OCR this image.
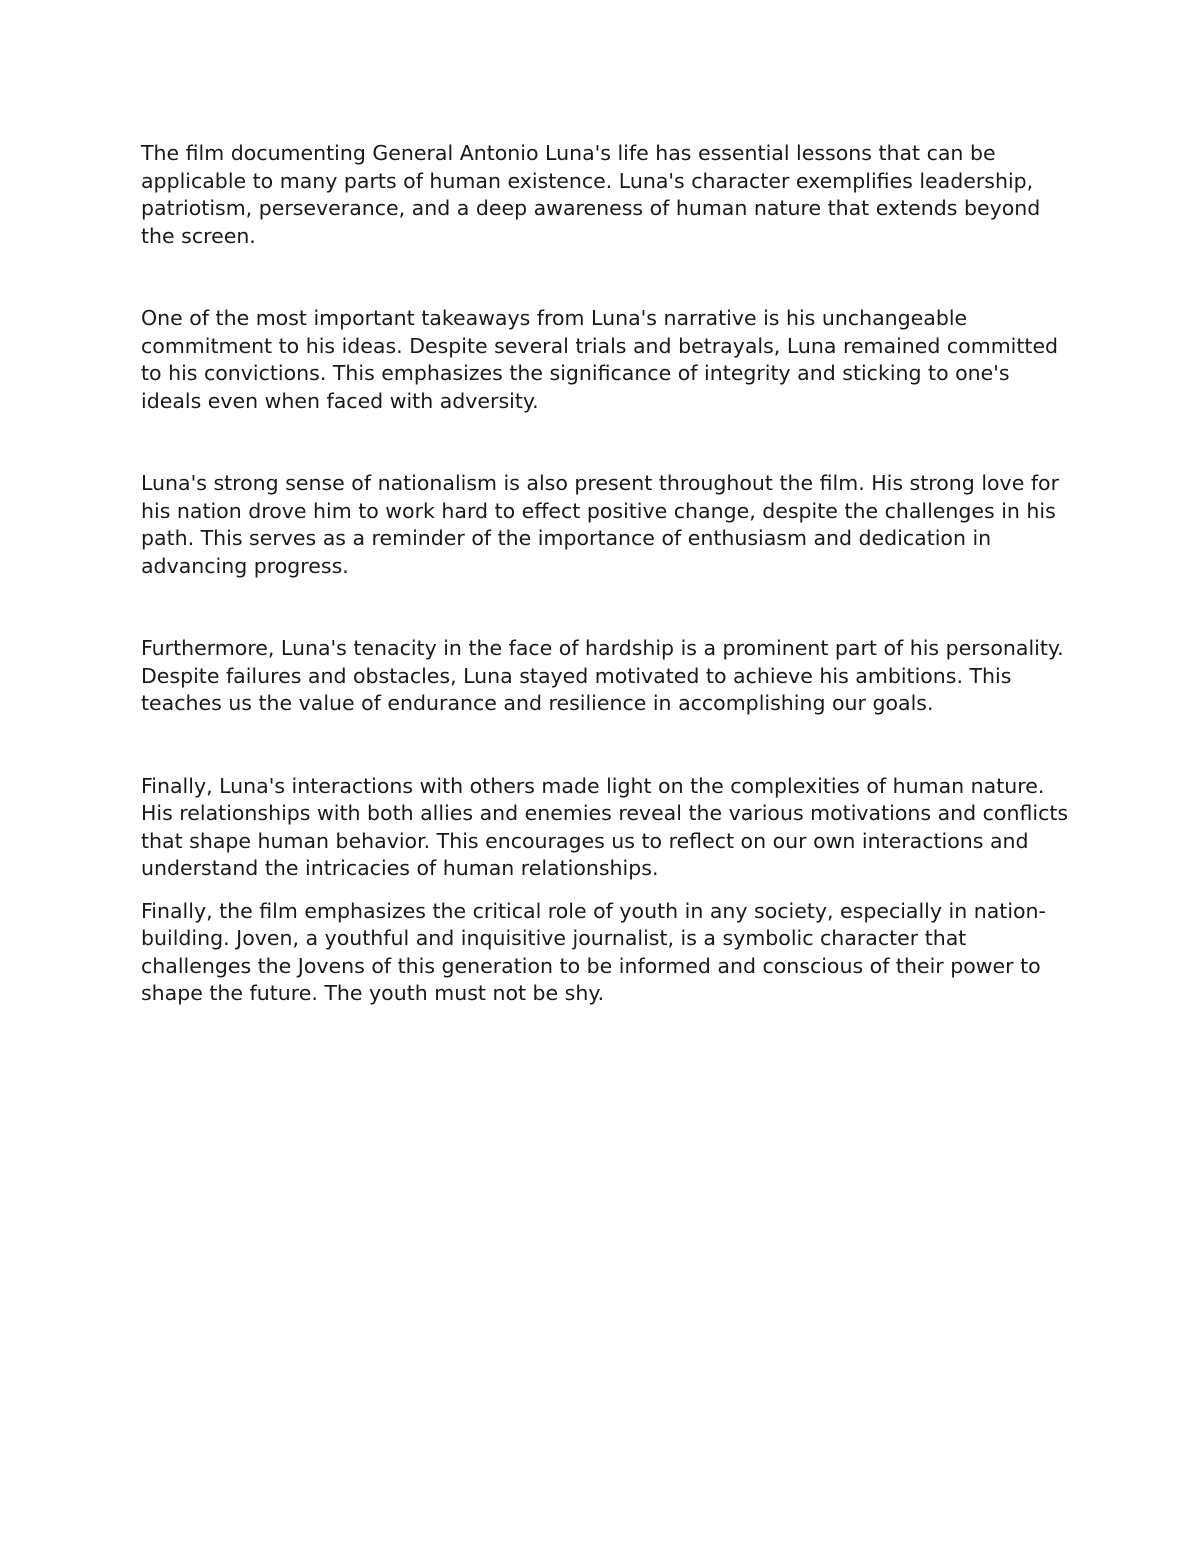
The film documenting General Antonio Luna's life has essential lessons that can be applicable to many parts of human existence. Luna's character exemplifies leadership, patriotism, perseverance, and a deep awareness of human nature that extends beyond the screen.

One of the most important takeaways from Luna's narrative is his unchangeable commitment to his ideas. Despite several trials and betrayals, Luna remained committed to his convictions. This emphasizes the significance of integrity and sticking to one's ideals even when faced with adversity.

Luna's strong sense of nationalism is also present throughout the film. His strong love for his nation drove him to work hard to effect positive change, despite the challenges in his path. This serves as a reminder of the importance of enthusiasm and dedication in advancing progress.

Furthermore, Luna's tenacity in the face of hardship is a prominent part of his personality. Despite failures and obstacles, Luna stayed motivated to achieve his ambitions. This teaches us the value of endurance and resilience in accomplishing our goals.

Finally, Luna's interactions with others made light on the complexities of human nature. His relationships with both allies and enemies reveal the various motivations and conflicts that shape human behavior. This encourages us to reflect on our own interactions and understand the intricacies of human relationships.

Finally, the film emphasizes the critical role of youth in any society, especially in nation-building. Joven, a youthful and inquisitive journalist, is a symbolic character that challenges the Jovens of this generation to be informed and conscious of their power to shape the future. The youth must not be shy.
